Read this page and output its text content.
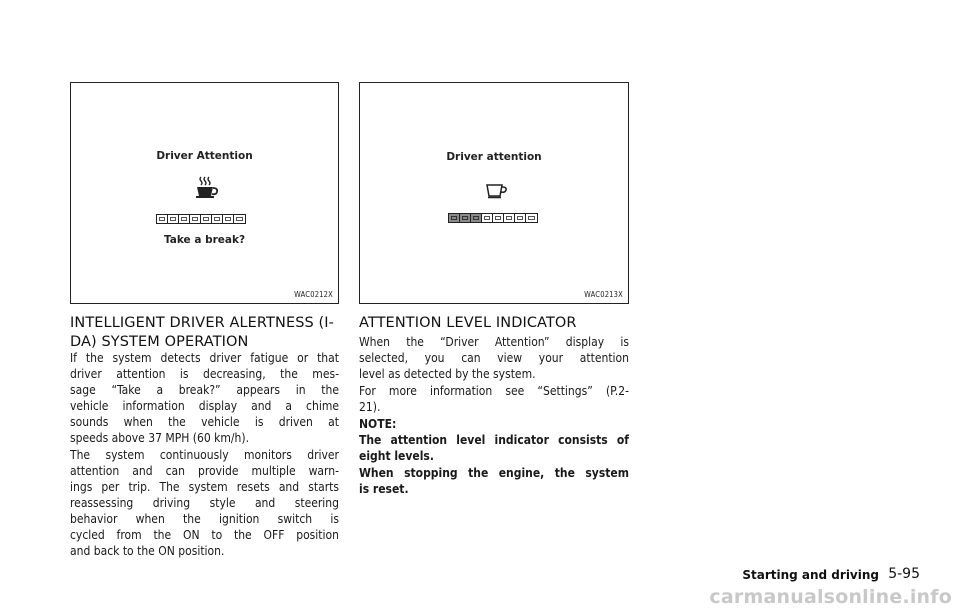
Driver Attention
Take a break?
WAC0212X
Driver attention
WAC0213X
INTELLIGENT DRIVER ALERTNESS (I-
DA) SYSTEM OPERATION
If the system detects driver fatigue or that
driver attention is decreasing, the mes-
sage “Take a break?” appears in the
vehicle information display and a chime
sounds when the vehicle is driven at
speeds above 37 MPH (60 km/h).
The system continuously monitors driver
attention and can provide multiple warn-
ings per trip. The system resets and starts
reassessing driving style and steering
behavior when the ignition switch is
cycled from the ON to the OFF position
and back to the ON position.
ATTENTION LEVEL INDICATOR
When the “Driver Attention” display is
selected, you can view your attention
level as detected by the system.
For more information see “Settings” (P.2-
21).
NOTE:
The attention level indicator consists of
eight levels.
When stopping the engine, the system
is reset.
Starting and driving 5-95
carmanualsonline.info
